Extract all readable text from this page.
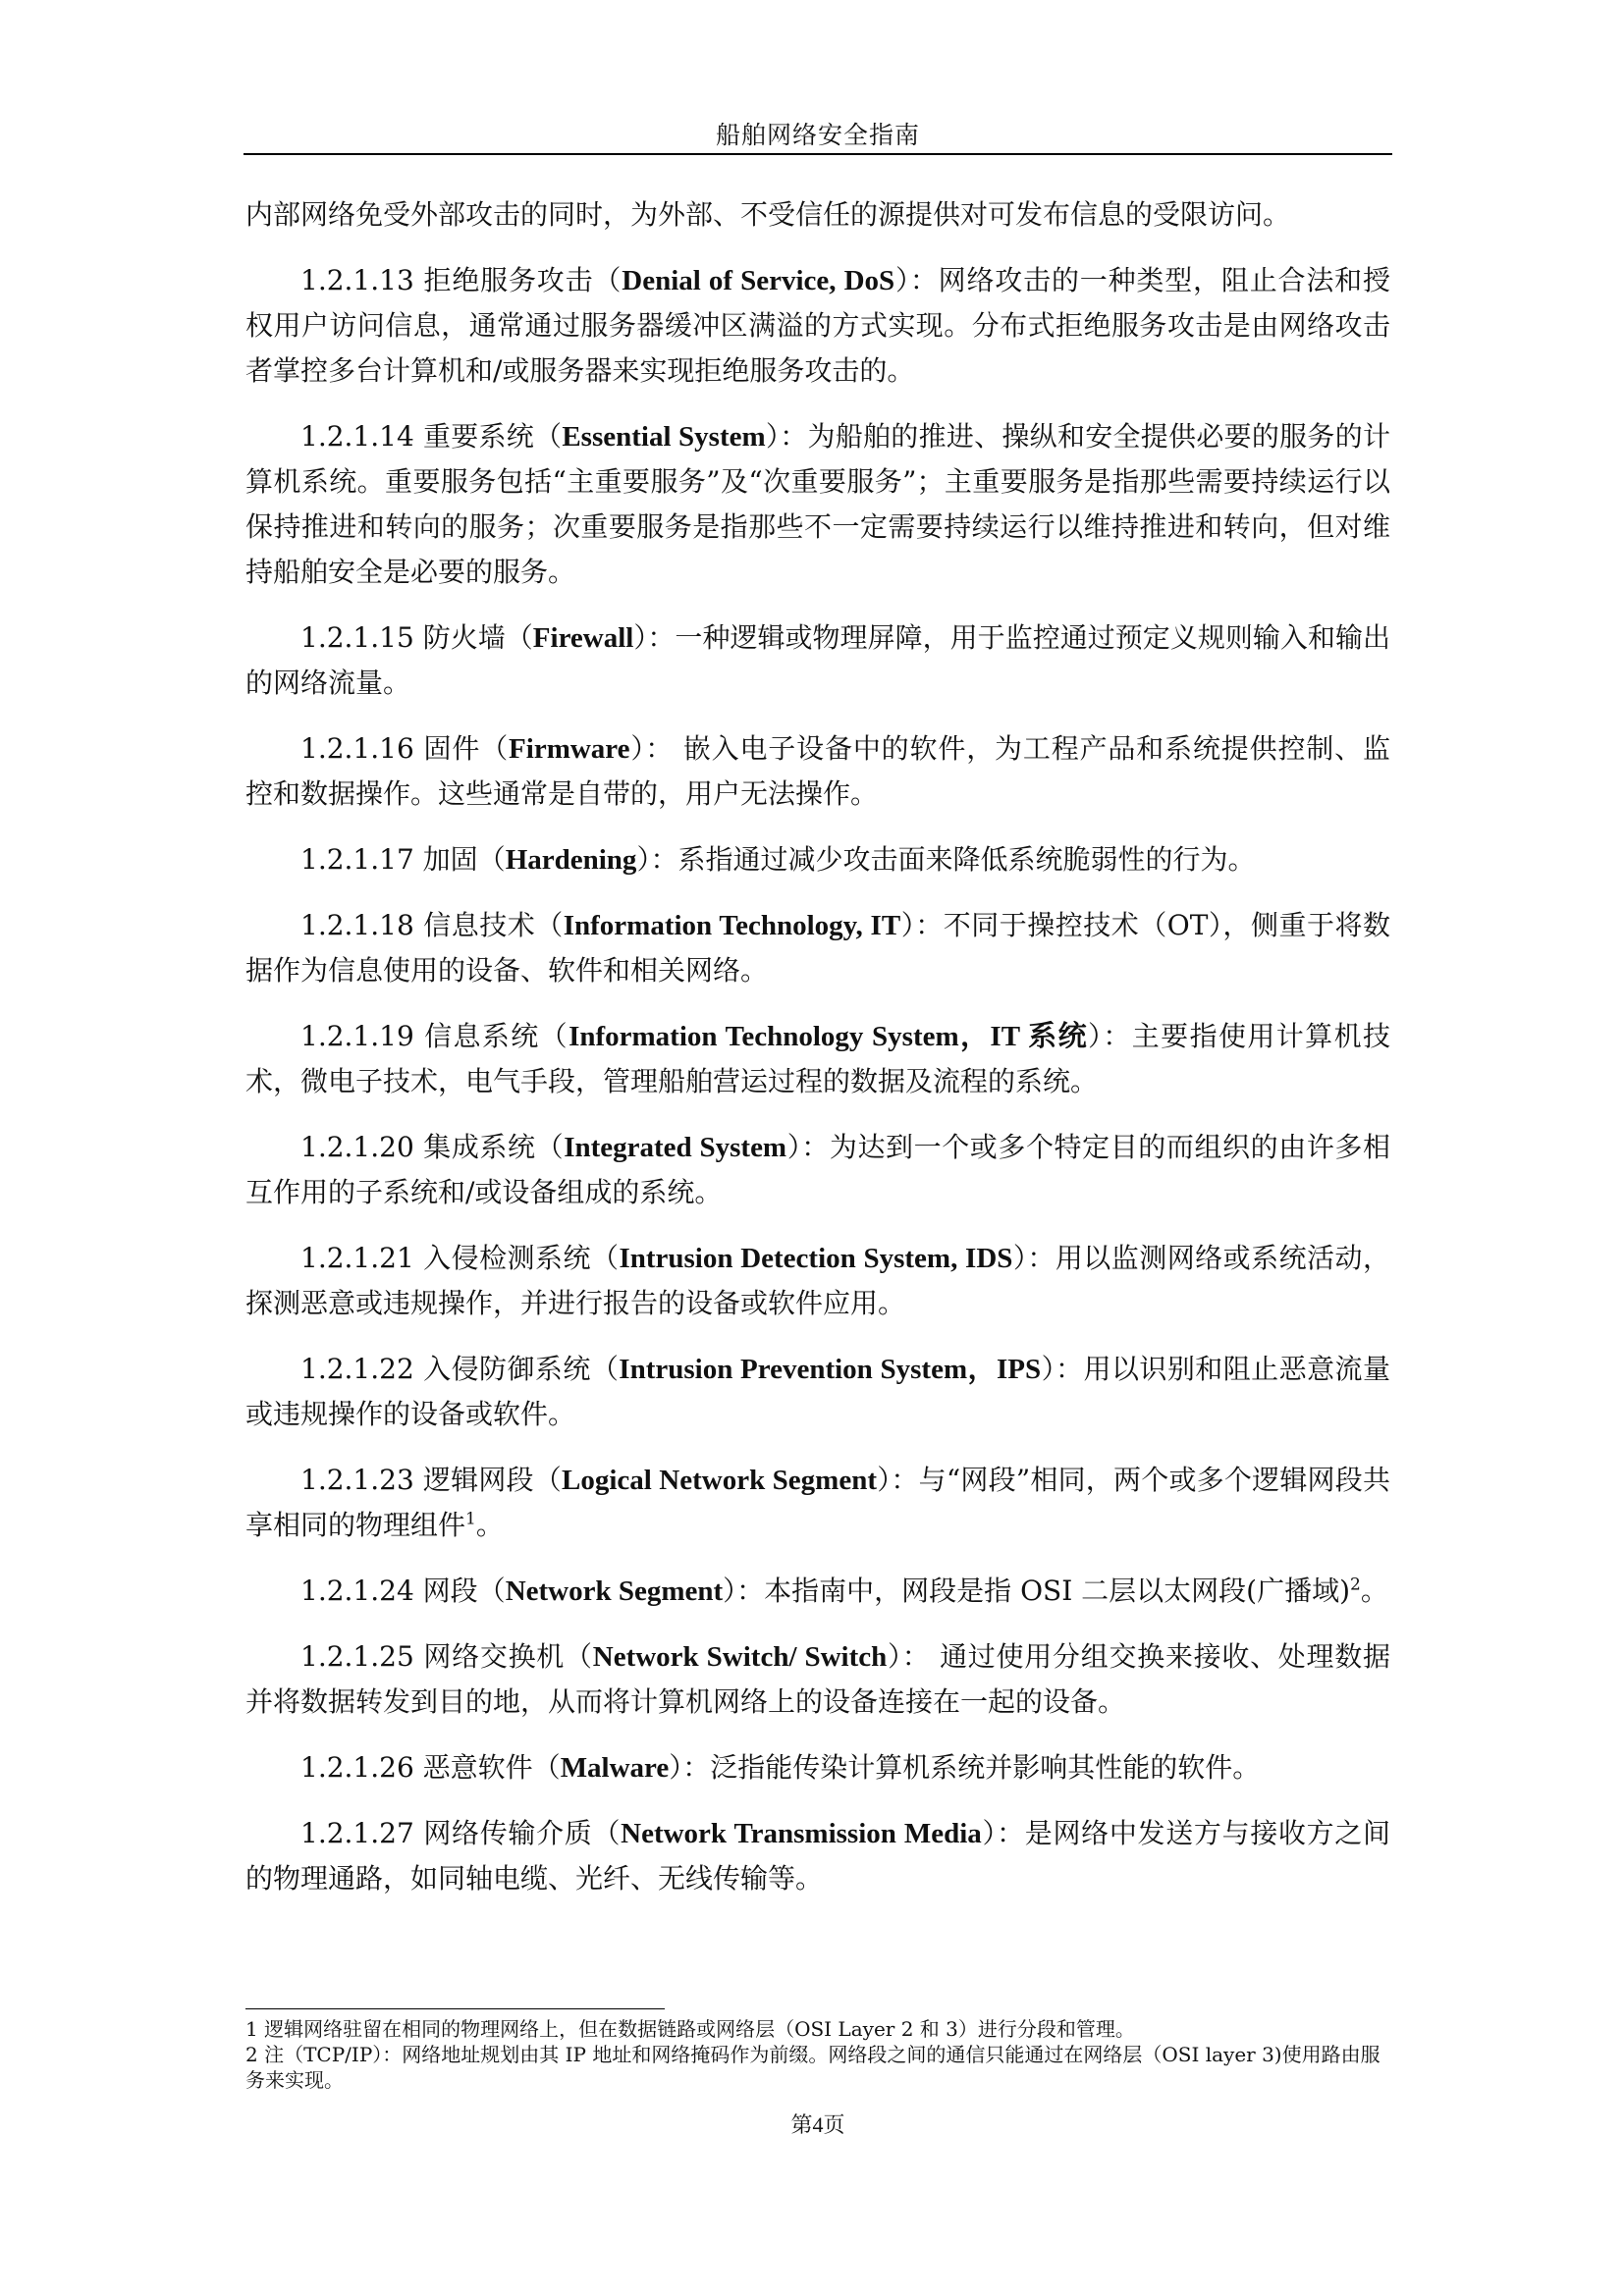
船舶网络安全指南

内部网络免受外部攻击的同时，为外部、不受信任的源提供对可发布信息的受限访问。

1.2.1.13 拒绝服务攻击（Denial of Service, DoS）：网络攻击的一种类型，阻止合法和授权用户访问信息，通常通过服务器缓冲区满溢的方式实现。分布式拒绝服务攻击是由网络攻击者掌控多台计算机和/或服务器来实现拒绝服务攻击的。

1.2.1.14 重要系统（Essential System）：为船舶的推进、操纵和安全提供必要的服务的计算机系统。重要服务包括“主重要服务”及“次重要服务”；主重要服务是指那些需要持续运行以保持推进和转向的服务；次重要服务是指那些不一定需要持续运行以维持推进和转向，但对维持船舶安全是必要的服务。

1.2.1.15 防火墙（Firewall）：一种逻辑或物理屏障，用于监控通过预定义规则输入和输出的网络流量。

1.2.1.16 固件（Firmware）： 嵌入电子设备中的软件，为工程产品和系统提供控制、监控和数据操作。这些通常是自带的，用户无法操作。

1.2.1.17 加固（Hardening）：系指通过减少攻击面来降低系统脆弱性的行为。

1.2.1.18 信息技术（Information Technology, IT）：不同于操控技术（OT），侧重于将数据作为信息使用的设备、软件和相关网络。

1.2.1.19 信息系统（Information Technology System，IT 系统）：主要指使用计算机技术，微电子技术，电气手段，管理船舶营运过程的数据及流程的系统。

1.2.1.20 集成系统（Integrated System）：为达到一个或多个特定目的而组织的由许多相互作用的子系统和/或设备组成的系统。

1.2.1.21 入侵检测系统（Intrusion Detection System, IDS）：用以监测网络或系统活动，探测恶意或违规操作，并进行报告的设备或软件应用。

1.2.1.22 入侵防御系统（Intrusion Prevention System，IPS）：用以识别和阻止恶意流量或违规操作的设备或软件。

1.2.1.23 逻辑网段（Logical Network Segment）：与“网段”相同，两个或多个逻辑网段共享相同的物理组件$^1$。

1.2.1.24 网段（Network Segment）：本指南中，网段是指 OSI 二层以太网段(广播域)$^2$。

1.2.1.25 网络交换机（Network Switch/ Switch）： 通过使用分组交换来接收、处理数据并将数据转发到目的地，从而将计算机网络上的设备连接在一起的设备。

1.2.1.26 恶意软件（Malware）：泛指能传染计算机系统并影响其性能的软件。

1.2.1.27 网络传输介质（Network Transmission Media）：是网络中发送方与接收方之间的物理通路，如同轴电缆、光纤、无线传输等。

1 逻辑网络驻留在相同的物理网络上，但在数据链路或网络层（OSI Layer 2 和 3）进行分段和管理。

2 注（TCP/IP）：网络地址规划由其 IP 地址和网络掩码作为前缀。网络段之间的通信只能通过在网络层（OSI layer 3)使用路由服务来实现。

第4页
